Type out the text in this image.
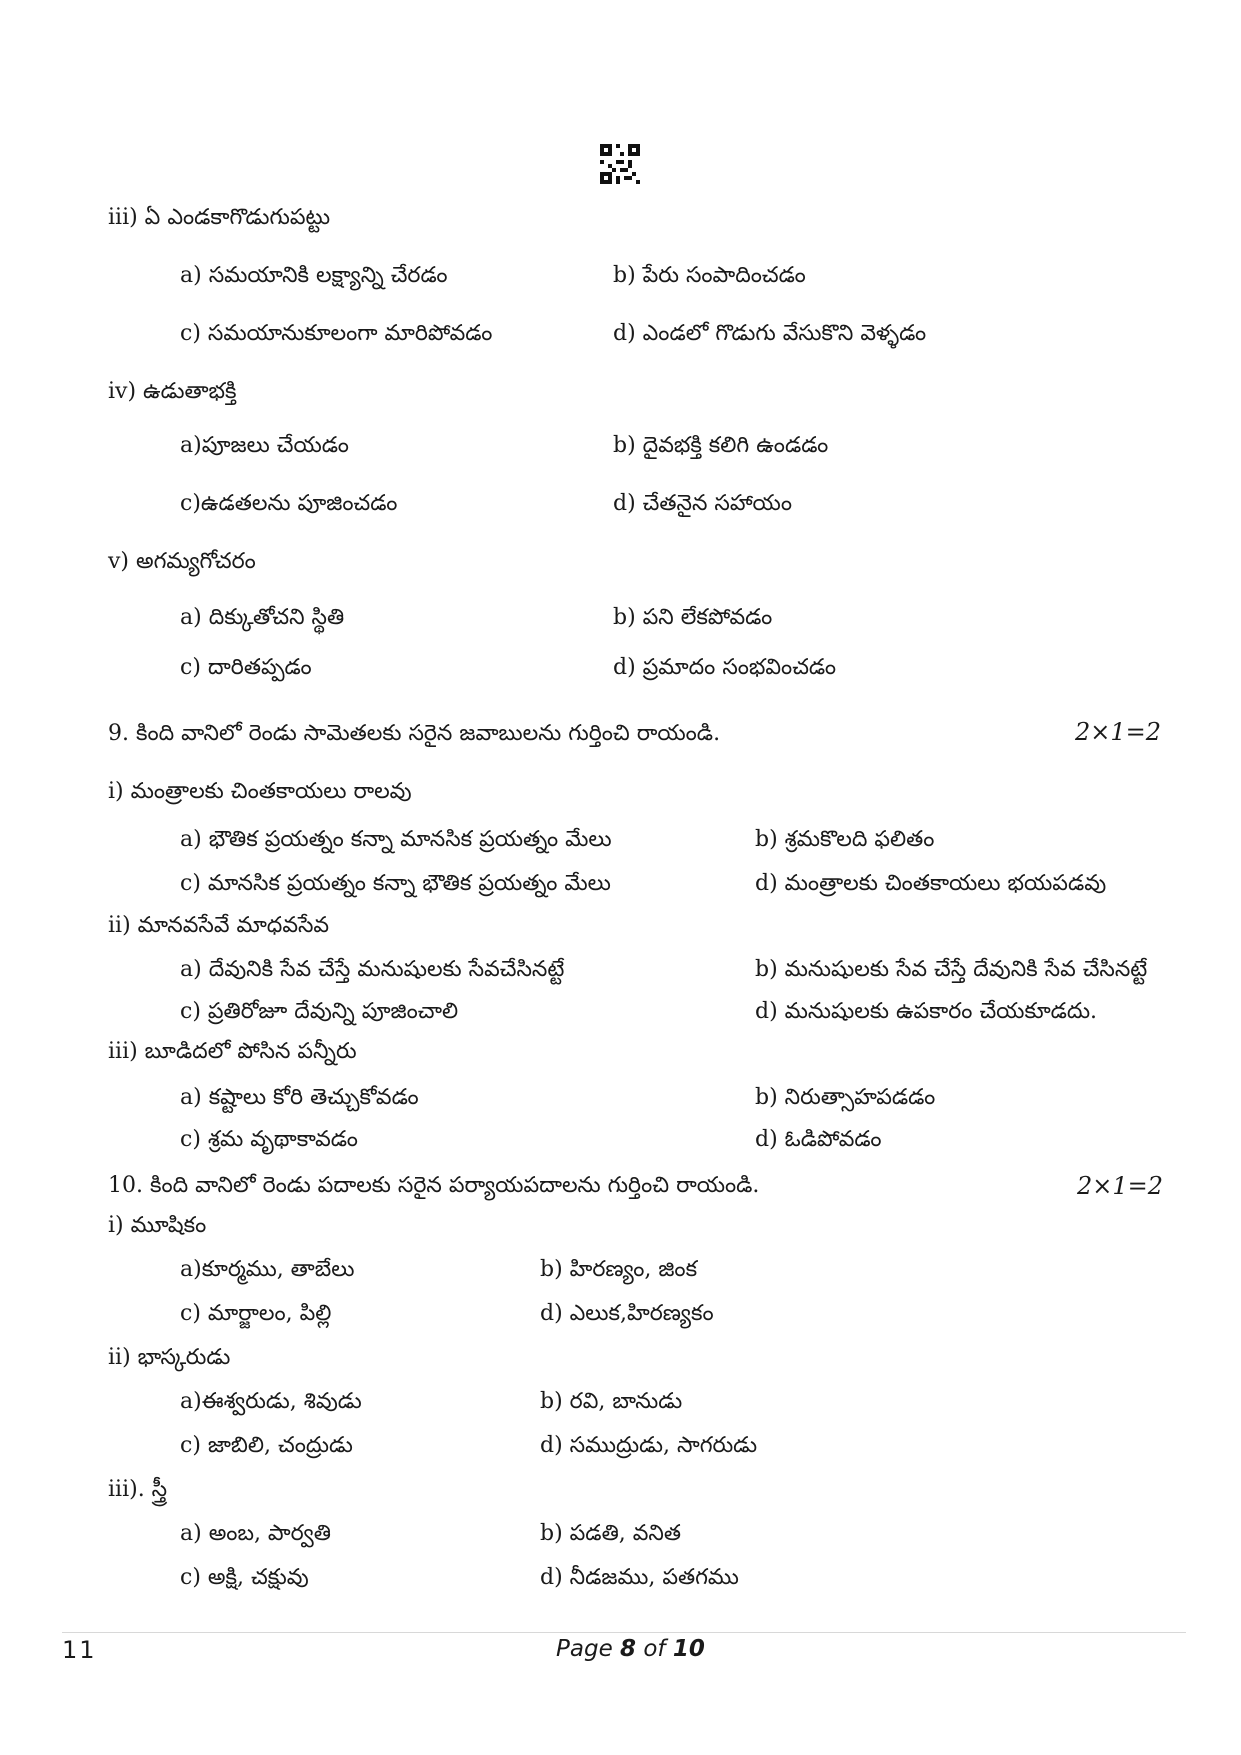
iii) ఏ ఎండకాగొడుగుపట్టు
a) సమయానికి లక్ష్యాన్ని చేరడం	b) పేరు సంపాదించడం
c) సమయానుకూలంగా మారిపోవడం	d) ఎండలో గొడుగు వేసుకొని వెళ్ళడం
iv) ఉడుతాభక్తి
a)పూజలు చేయడం	b) దైవభక్తి కలిగి ఉండడం
c)ఉడతలను పూజించడం	d) చేతనైన సహాయం
v) అగమ్యగోచరం
a) దిక్కుతోచని స్థితి	b) పని లేకపోవడం
c) దారితప్పడం	d) ప్రమాదం సంభవించడం
9. కింది వానిలో రెండు సామెతలకు సరైన జవాబులను గుర్తించి రాయండి.	2×1=2
i) మంత్రాలకు చింతకాయలు రాలవు
a) భౌతిక ప్రయత్నం కన్నా మానసిక ప్రయత్నం మేలు	b) శ్రమకొలది ఫలితం
c) మానసిక ప్రయత్నం కన్నా భౌతిక ప్రయత్నం మేలు	d) మంత్రాలకు చింతకాయలు భయపడవు
ii) మానవసేవే మాధవసేవ
a) దేవునికి సేవ చేస్తే మనుషులకు సేవచేసినట్టే	b) మనుషులకు సేవ చేస్తే దేవునికి సేవ చేసినట్టే
c) ప్రతిరోజూ దేవున్ని పూజించాలి	d) మనుషులకు ఉపకారం చేయకూడదు.
iii) బూడిదలో పోసిన పన్నీరు
a) కష్టాలు కోరి తెచ్చుకోవడం	b) నిరుత్సాహపడడం
c) శ్రమ వృథాకావడం	d) ఓడిపోవడం
10. కింది వానిలో రెండు పదాలకు సరైన పర్యాయపదాలను గుర్తించి రాయండి.	2×1=2
i) మూషికం
a)కూర్మము, తాబేలు	b) హిరణ్యం, జింక
c) మార్జాలం, పిల్లి	d) ఎలుక,హిరణ్యకం
ii) భాస్కరుడు
a)ఈశ్వరుడు, శివుడు	b) రవి, బానుడు
c) జాబిలి, చంద్రుడు	d) సముద్రుడు, సాగరుడు
iii). స్త్రీ
a) అంబ, పార్వతి	b) పడతి, వనిత
c) అక్షి, చక్షువు	d) నీడజము, పతగము
11	Page 8 of 10
